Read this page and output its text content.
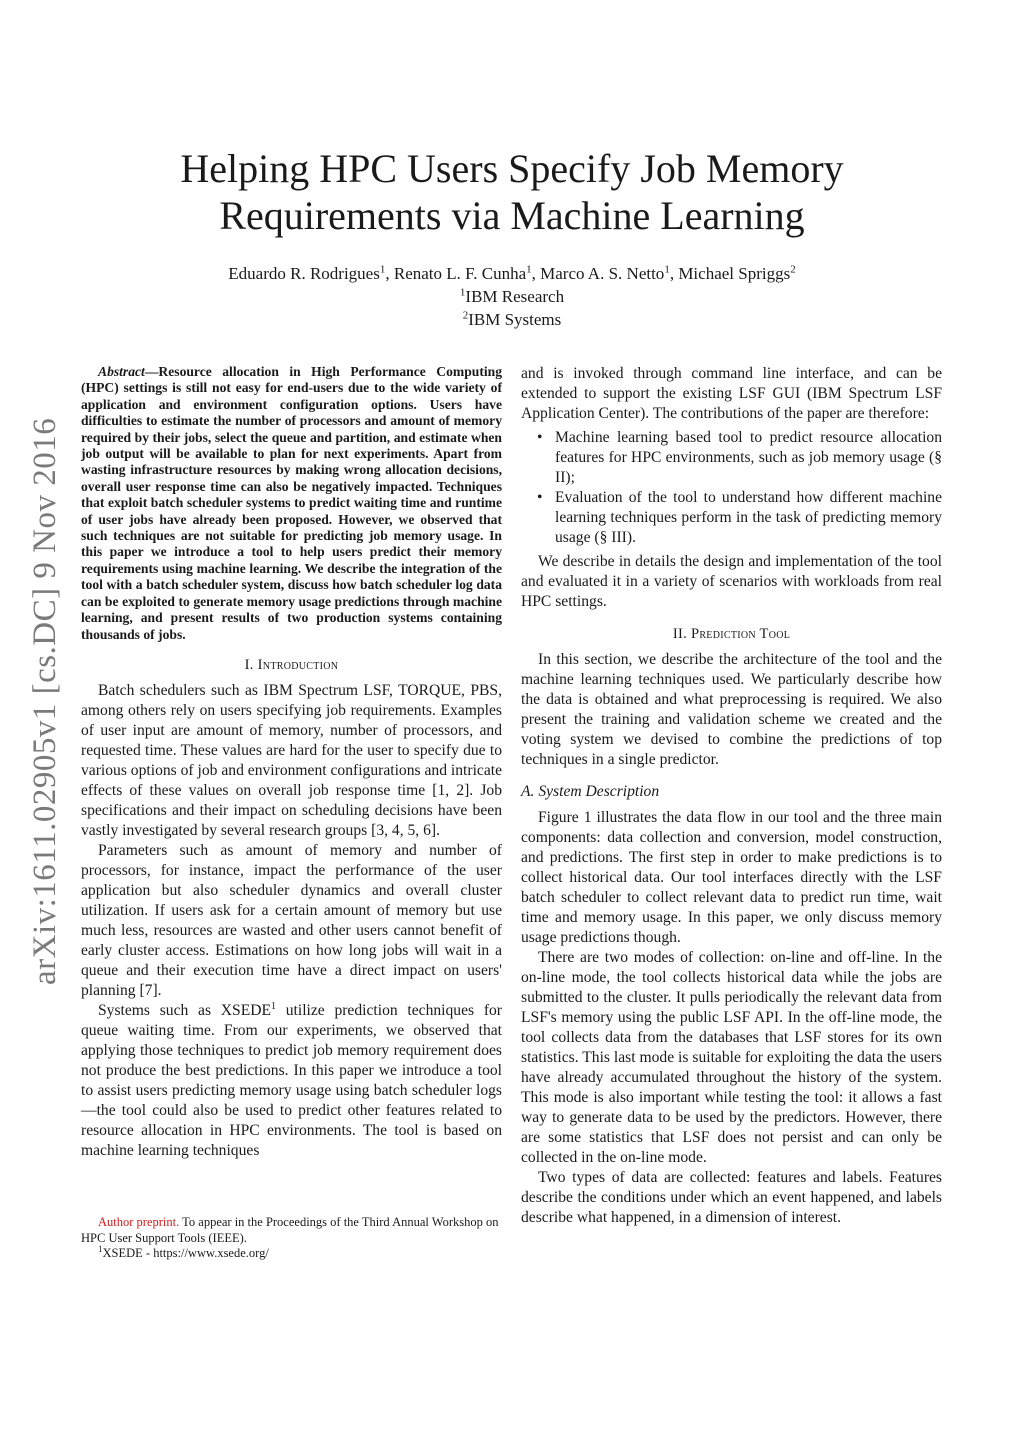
arXiv:1611.02905v1 [cs.DC] 9 Nov 2016
Helping HPC Users Specify Job Memory
Requirements via Machine Learning
Eduardo R. Rodrigues$^1$, Renato L. F. Cunha$^1$, Marco A. S. Netto$^1$, Michael Spriggs$^2$
$^1$IBM Research
$^2$IBM Systems

Abstract—Resource allocation in High Performance Computing (HPC) settings is still not easy for end-users due to the wide variety of application and environment configuration options. Users have difficulties to estimate the number of processors and amount of memory required by their jobs, select the queue and partition, and estimate when job output will be available to plan for next experiments. Apart from wasting infrastructure resources by making wrong allocation decisions, overall user response time can also be negatively impacted. Techniques that exploit batch scheduler systems to predict waiting time and runtime of user jobs have already been proposed. However, we observed that such techniques are not suitable for predicting job memory usage. In this paper we introduce a tool to help users predict their memory requirements using machine learning. We describe the integration of the tool with a batch scheduler system, discuss how batch scheduler log data can be exploited to generate memory usage predictions through machine learning, and present results of two production systems containing thousands of jobs.

I. Introduction

Batch schedulers such as IBM Spectrum LSF, TORQUE, PBS, among others rely on users specifying job requirements. Examples of user input are amount of memory, number of processors, and requested time. These values are hard for the user to specify due to various options of job and environment configurations and intricate effects of these values on overall job response time [1, 2]. Job specifications and their impact on scheduling decisions have been vastly investigated by several research groups [3, 4, 5, 6].

Parameters such as amount of memory and number of processors, for instance, impact the performance of the user application but also scheduler dynamics and overall cluster utilization. If users ask for a certain amount of memory but use much less, resources are wasted and other users cannot benefit of early cluster access. Estimations on how long jobs will wait in a queue and their execution time have a direct impact on users' planning [7].

Systems such as XSEDE$^1$ utilize prediction techniques for queue waiting time. From our experiments, we observed that applying those techniques to predict job memory requirement does not produce the best predictions. In this paper we introduce a tool to assist users predicting memory usage using batch scheduler logs—the tool could also be used to predict other features related to resource allocation in HPC environments. The tool is based on machine learning techniques

Author preprint. To appear in the Proceedings of the Third Annual Workshop on HPC User Support Tools (IEEE).

$^1$XSEDE - https://www.xsede.org/

and is invoked through command line interface, and can be extended to support the existing LSF GUI (IBM Spectrum LSF Application Center). The contributions of the paper are therefore:

• Machine learning based tool to predict resource allocation features for HPC environments, such as job memory usage (§ II);
• Evaluation of the tool to understand how different machine learning techniques perform in the task of predicting memory usage (§ III).

We describe in details the design and implementation of the tool and evaluated it in a variety of scenarios with workloads from real HPC settings.

II. Prediction Tool

In this section, we describe the architecture of the tool and the machine learning techniques used. We particularly describe how the data is obtained and what preprocessing is required. We also present the training and validation scheme we created and the voting system we devised to combine the predictions of top techniques in a single predictor.

A. System Description

Figure 1 illustrates the data flow in our tool and the three main components: data collection and conversion, model construction, and predictions. The first step in order to make predictions is to collect historical data. Our tool interfaces directly with the LSF batch scheduler to collect relevant data to predict run time, wait time and memory usage. In this paper, we only discuss memory usage predictions though.

There are two modes of collection: on-line and off-line. In the on-line mode, the tool collects historical data while the jobs are submitted to the cluster. It pulls periodically the relevant data from LSF's memory using the public LSF API. In the off-line mode, the tool collects data from the databases that LSF stores for its own statistics. This last mode is suitable for exploiting the data the users have already accumulated throughout the history of the system. This mode is also important while testing the tool: it allows a fast way to generate data to be used by the predictors. However, there are some statistics that LSF does not persist and can only be collected in the on-line mode.

Two types of data are collected: features and labels. Features describe the conditions under which an event happened, and labels describe what happened, in a dimension of interest.
